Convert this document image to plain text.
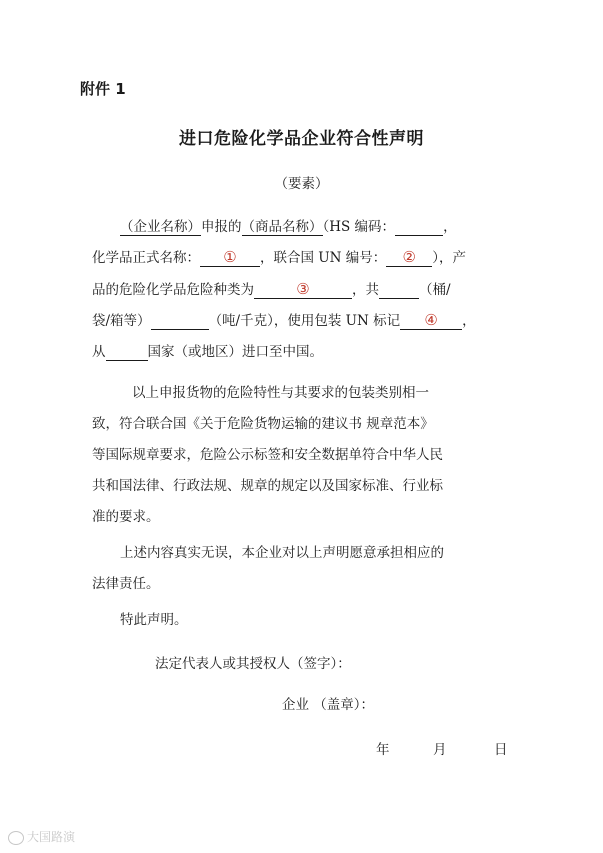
附件 1
进口危险化学品企业符合性声明
（要素）
（企业名称）申报的（商品名称）（HS 编码：	，
化学品正式名称： ① ，联合国 UN 编号： ② ），产
品的危险化学品危险种类为	③	，共	（桶/
袋/箱等）	（吨/千克），使用包装 UN 标记 ④ ，
从	国家（或地区）进口至中国。
以上申报货物的危险特性与其要求的包装类别相一
致，符合联合国《关于危险货物运输的建议书 规章范本》
等国际规章要求，危险公示标签和安全数据单符合中华人民
共和国法律、行政法规、规章的规定以及国家标准、行业标
准的要求。
上述内容真实无误，本企业对以上声明愿意承担相应的
法律责任。
特此声明。
法定代表人或其授权人（签字）：
企业 （盖章）：
年	月	日
大国路演
